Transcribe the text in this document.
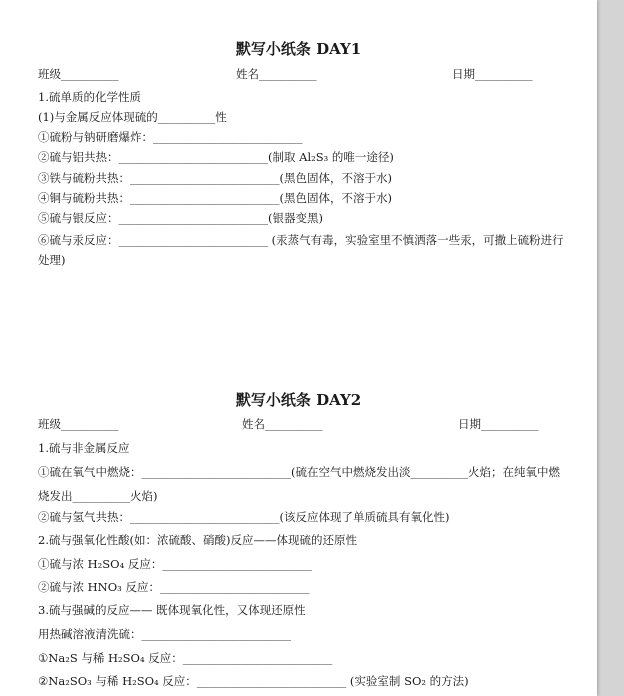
默写小纸条 DAY1
班级__________	姓名__________	日期__________
1.硫单质的化学性质
(1)与金属反应体现硫的__________性
①硫粉与钠研磨爆炸：__________________________
②硫与铝共热：__________________________(制取 Al₂S₃ 的唯一途径)
③铁与硫粉共热：__________________________(黑色固体，不溶于水)
④铜与硫粉共热：__________________________(黑色固体，不溶于水)
⑤硫与银反应：__________________________(银器变黑)
⑥硫与汞反应：__________________________ (汞蒸气有毒，实验室里不慎洒落一些汞，可撒上硫粉进行处理)
默写小纸条 DAY2
班级__________	姓名__________	日期__________
1.硫与非金属反应
①硫在氧气中燃烧：__________________________(硫在空气中燃烧发出淡__________火焰；在纯氧中燃烧发出__________火焰)
②硫与氢气共热：__________________________(该反应体现了单质硫具有氧化性)
2.硫与强氧化性酸(如：浓硫酸、硝酸)反应——体现硫的还原性
①硫与浓 H₂SO₄ 反应：__________________________
②硫与浓 HNO₃ 反应：__________________________
3.硫与强碱的反应—— 既体现氧化性，又体现还原性
用热碱溶液清洗硫：__________________________
①Na₂S 与稀 H₂SO₄ 反应：__________________________
②Na₂SO₃ 与稀 H₂SO₄ 反应：__________________________ (实验室制 SO₂ 的方法)
